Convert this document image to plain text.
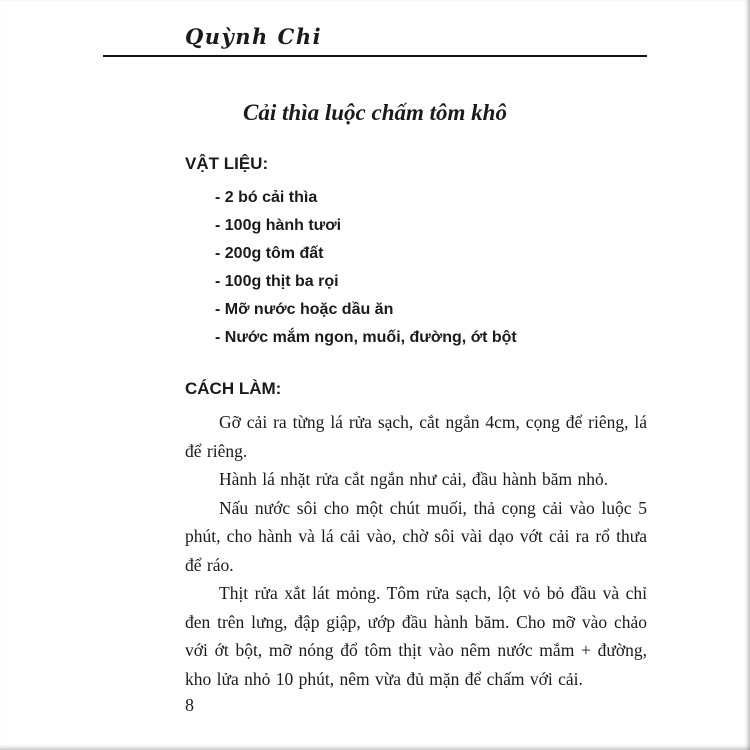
Quỳnh Chi
Cải thìa luộc chấm tôm khô
VẬT LIỆU:
- 2 bó cải thìa
- 100g hành tươi
- 200g tôm đất
- 100g thịt ba rọi
- Mỡ nước hoặc dầu ăn
- Nước mắm ngon, muối, đường, ớt bột
CÁCH LÀM:

Gỡ cải ra từng lá rửa sạch, cắt ngắn 4cm, cọng để riêng, lá để riêng.

Hành lá nhặt rửa cắt ngắn như cải, đầu hành băm nhỏ.

Nấu nước sôi cho một chút muối, thả cọng cải vào luộc 5 phút, cho hành và lá cải vào, chờ sôi vài dạo vớt cải ra rổ thưa để ráo.

Thịt rửa xắt lát mỏng. Tôm rửa sạch, lột vỏ bỏ đầu và chỉ đen trên lưng, đập giập, ướp đầu hành băm. Cho mỡ vào chảo với ớt bột, mỡ nóng đổ tôm thịt vào nêm nước mắm + đường, kho lửa nhỏ 10 phút, nêm vừa đủ mặn để chấm với cải.

8
